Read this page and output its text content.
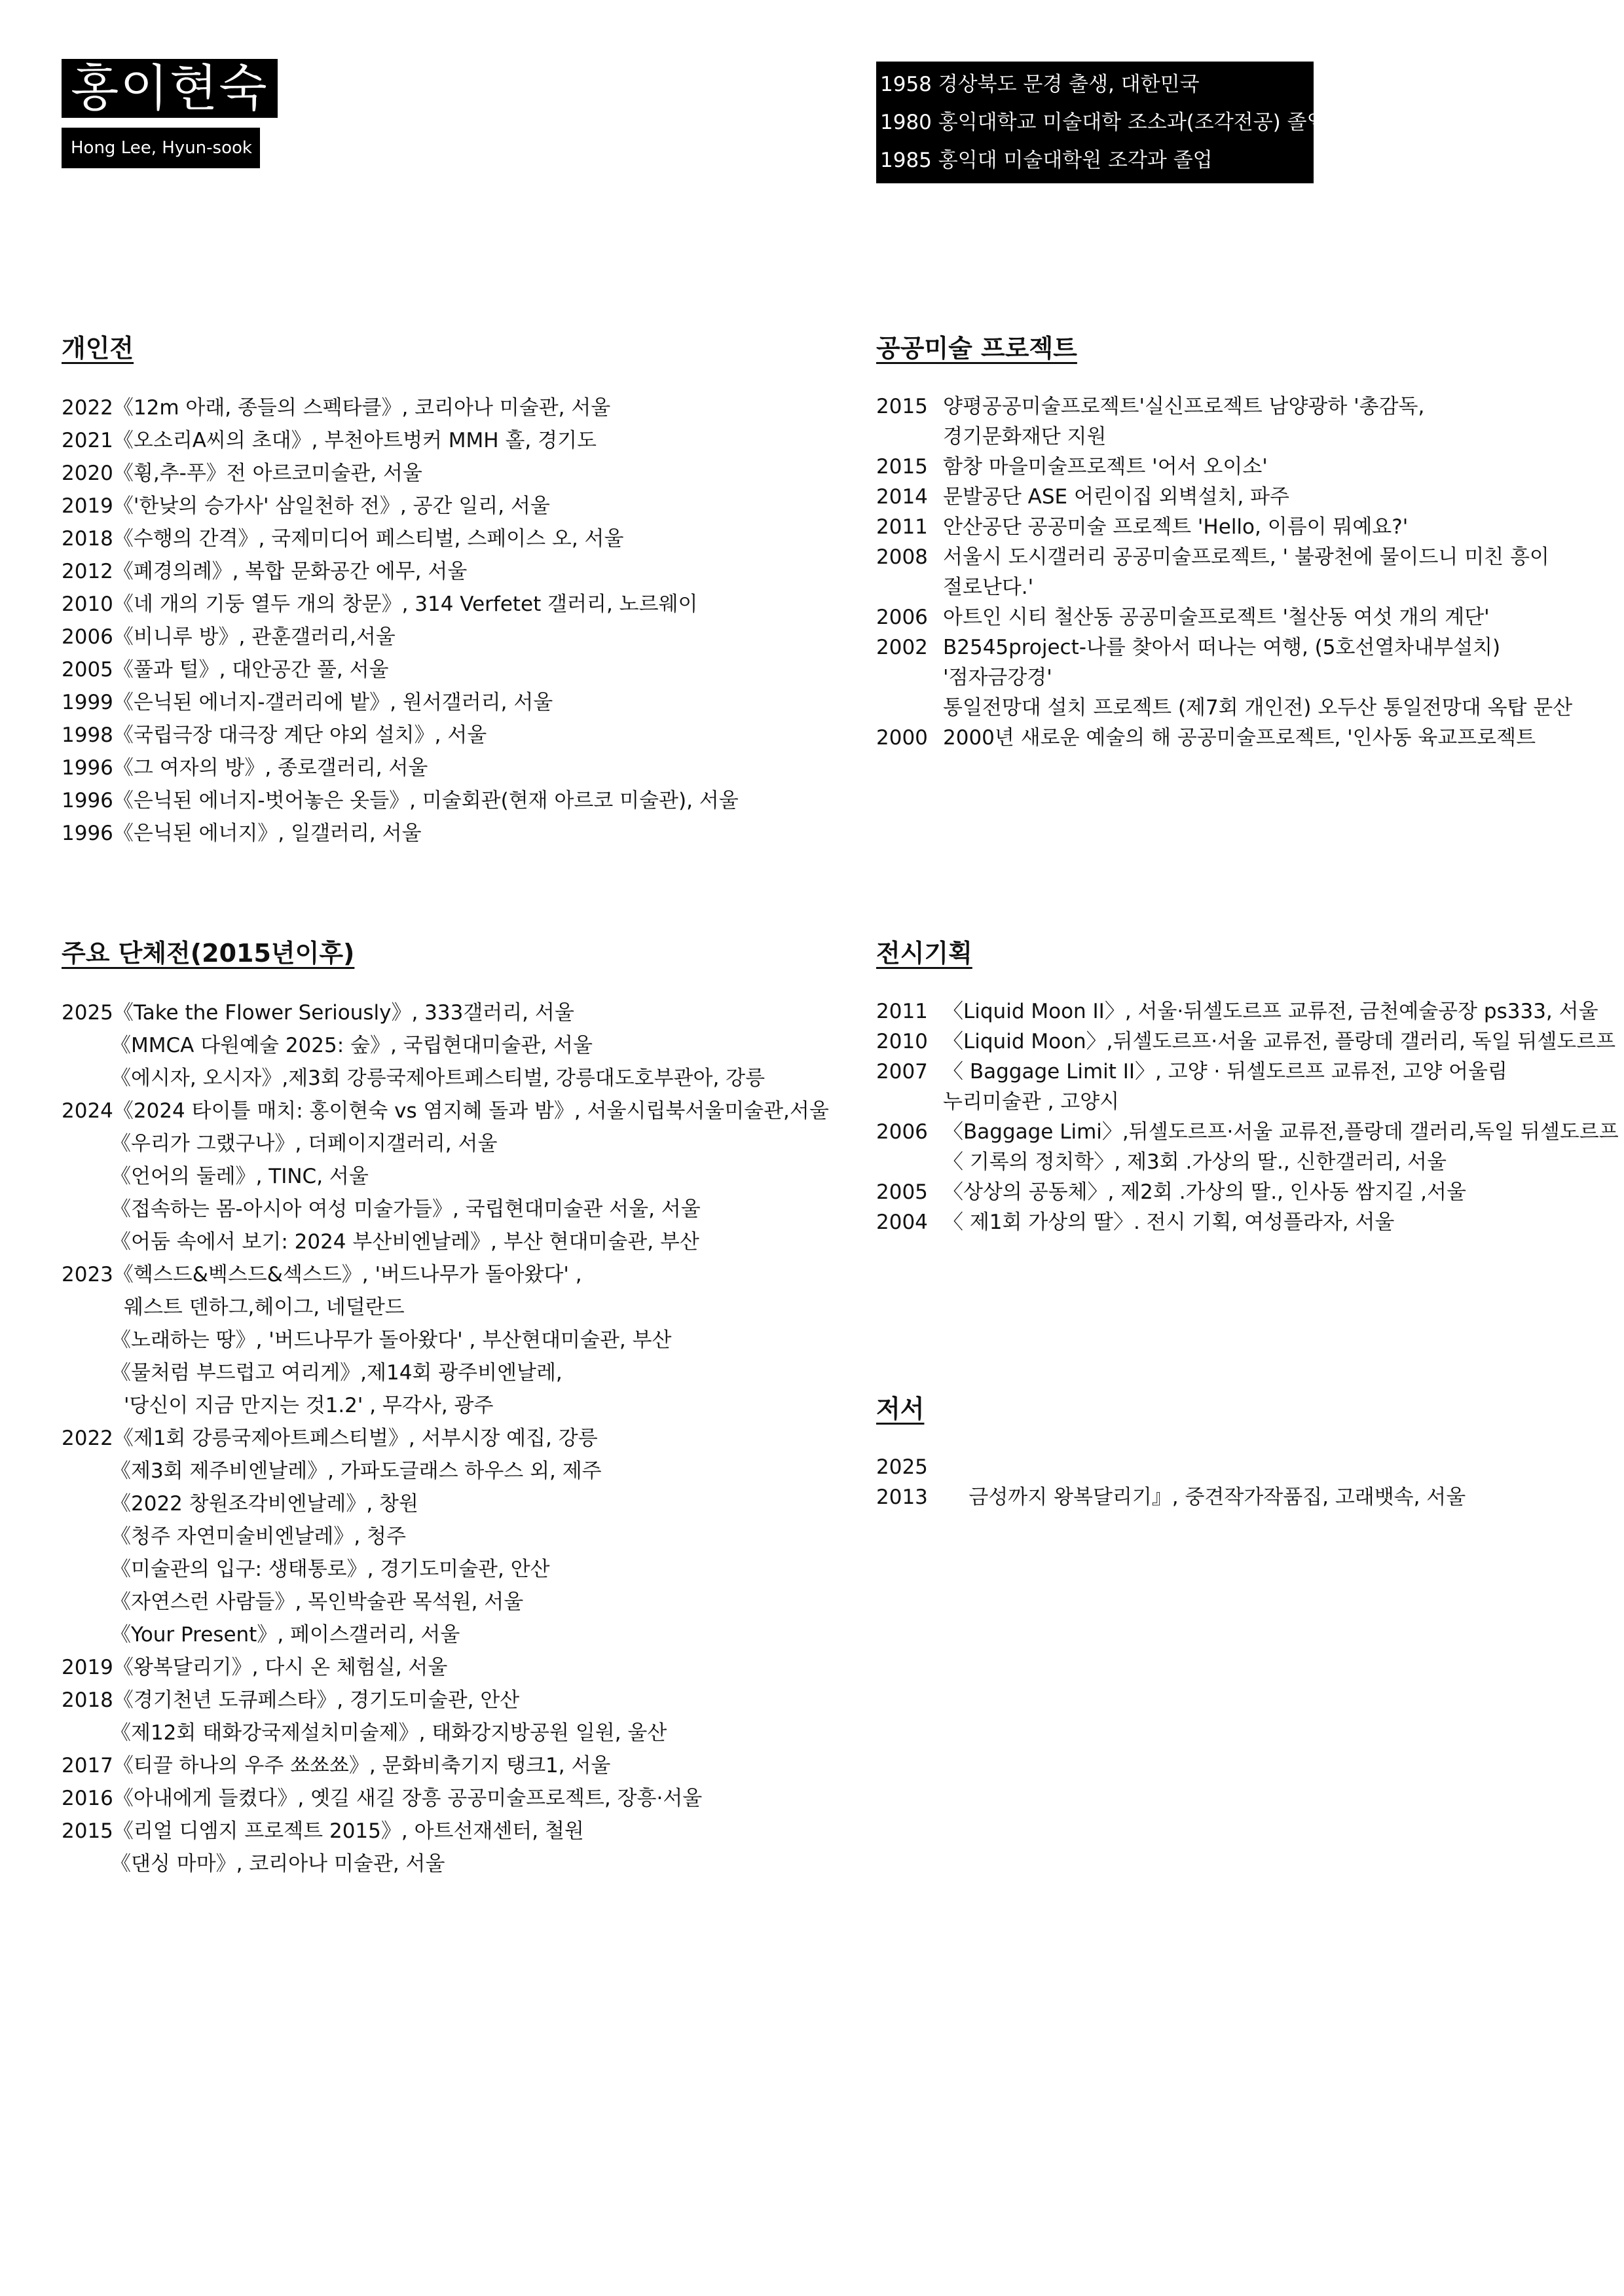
홍이현숙
Hong Lee, Hyun-sook
1958 경상북도 문경 출생, 대한민국
1980 홍익대학교 미술대학 조소과(조각전공) 졸업
1985 홍익대 미술대학원 조각과 졸업
개인전
2022《12m 아래, 종들의 스펙타클》, 코리아나 미술관, 서울
2021《오소리A씨의 초대》, 부천아트벙커 MMH 홀, 경기도
2020《휭,추-푸》전 아르코미술관, 서울
2019《'한낮의 승가사' 삼일천하 전》, 공간 일리, 서울
2018《수행의 간격》, 국제미디어 페스티벌, 스페이스 오, 서울
2012《폐경의례》, 복합 문화공간 에무, 서울
2010《네 개의 기둥 열두 개의 창문》, 314 Verfetet 갤러리, 노르웨이
2006《비니루 방》, 관훈갤러리,서울
2005《풀과 털》, 대안공간 풀, 서울
1999《은닉된 에너지-갤러리에 밭》, 원서갤러리, 서울
1998《국립극장 대극장 계단 야외 설치》, 서울
1996《그 여자의 방》, 종로갤러리, 서울
1996《은닉된 에너지-벗어놓은 옷들》, 미술회관(현재 아르코 미술관), 서울
1996《은닉된 에너지》, 일갤러리, 서울
주요 단체전(2015년이후)
2025《Take the Flower Seriously》, 333갤러리, 서울
《MMCA 다원예술 2025: 숲》, 국립현대미술관, 서울
《에시자, 오시자》,제3회 강릉국제아트페스티벌, 강릉대도호부관아, 강릉
2024《2024 타이틀 매치: 홍이현숙 vs 염지혜 돌과 밤》, 서울시립북서울미술관,서울
《우리가 그랬구나》, 더페이지갤러리, 서울
《언어의 둘레》, TINC, 서울
《접속하는 몸-아시아 여성 미술가들》, 국립현대미술관 서울, 서울
《어둠 속에서 보기: 2024 부산비엔날레》, 부산 현대미술관, 부산
2023《헥스드&벡스드&섹스드》, '버드나무가 돌아왔다' ,
웨스트 덴하그,헤이그, 네덜란드
《노래하는 땅》, '버드나무가 돌아왔다' , 부산현대미술관, 부산
《물처럼 부드럽고 여리게》,제14회 광주비엔날레,
'당신이 지금 만지는 것1.2' , 무각사, 광주
2022《제1회 강릉국제아트페스티벌》, 서부시장 예집, 강릉
《제3회 제주비엔날레》, 가파도글래스 하우스 외, 제주
《2022 창원조각비엔날레》, 창원
《청주 자연미술비엔날레》, 청주
《미술관의 입구: 생태통로》, 경기도미술관, 안산
《자연스런 사람들》, 목인박술관 목석원, 서울
《Your Present》, 페이스갤러리, 서울
2019《왕복달리기》, 다시 온 체험실, 서울
2018《경기천년 도큐페스타》, 경기도미술관, 안산
《제12회 태화강국제설치미술제》, 태화강지방공원 일원, 울산
2017《티끌 하나의 우주 쑈쑈쑈》, 문화비축기지 탱크1, 서울
2016《아내에게 들켰다》, 옛길 새길 장흥 공공미술프로젝트, 장흥·서울
2015《리얼 디엠지 프로젝트 2015》, 아트선재센터, 철원
《댄싱 마마》, 코리아나 미술관, 서울
공공미술 프로젝트
2015 양평공공미술프로젝트'실신프로젝트 남양광하 '총감독,
경기문화재단 지원
2015 함창 마을미술프로젝트 '어서 오이소'
2014 문발공단 ASE 어린이집 외벽설치, 파주
2011 안산공단 공공미술 프로젝트 'Hello, 이름이 뭐예요?'
2008 서울시 도시갤러리 공공미술프로젝트, ' 불광천에 물이드니 미친 흥이
절로난다.'
2006 아트인 시티 철산동 공공미술프로젝트 '철산동 여섯 개의 계단'
2002 B2545project-나를 찾아서 떠나는 여행, (5호선열차내부설치)
'점자금강경'
통일전망대 설치 프로젝트 (제7회 개인전) 오두산 통일전망대 옥탑 문산
2000 2000년 새로운 예술의 해 공공미술프로젝트, '인사동 육교프로젝트
전시기획
2011 〈Liquid Moon II〉, 서울·뒤셀도르프 교류전, 금천예술공장 ps333, 서울
2010 〈Liquid Moon〉,뒤셀도르프·서울 교류전, 플랑데 갤러리, 독일 뒤셀도르프
2007 〈 Baggage Limit II〉, 고양 · 뒤셀도르프 교류전, 고양 어울림
누리미술관 , 고양시
2006 〈Baggage Limi〉,뒤셀도르프·서울 교류전,플랑데 갤러리,독일 뒤셀도르프
〈 기록의 정치학〉, 제3회 .가상의 딸., 신한갤러리, 서울
2005 〈상상의 공동체〉, 제2회 .가상의 딸., 인사동 쌈지길 ,서울
2004 〈 제1회 가상의 딸〉. 전시 기획, 여성플라자, 서울
저서
2025
2013 금성까지 왕복달리기』, 중견작가작품집, 고래뱃속, 서울
